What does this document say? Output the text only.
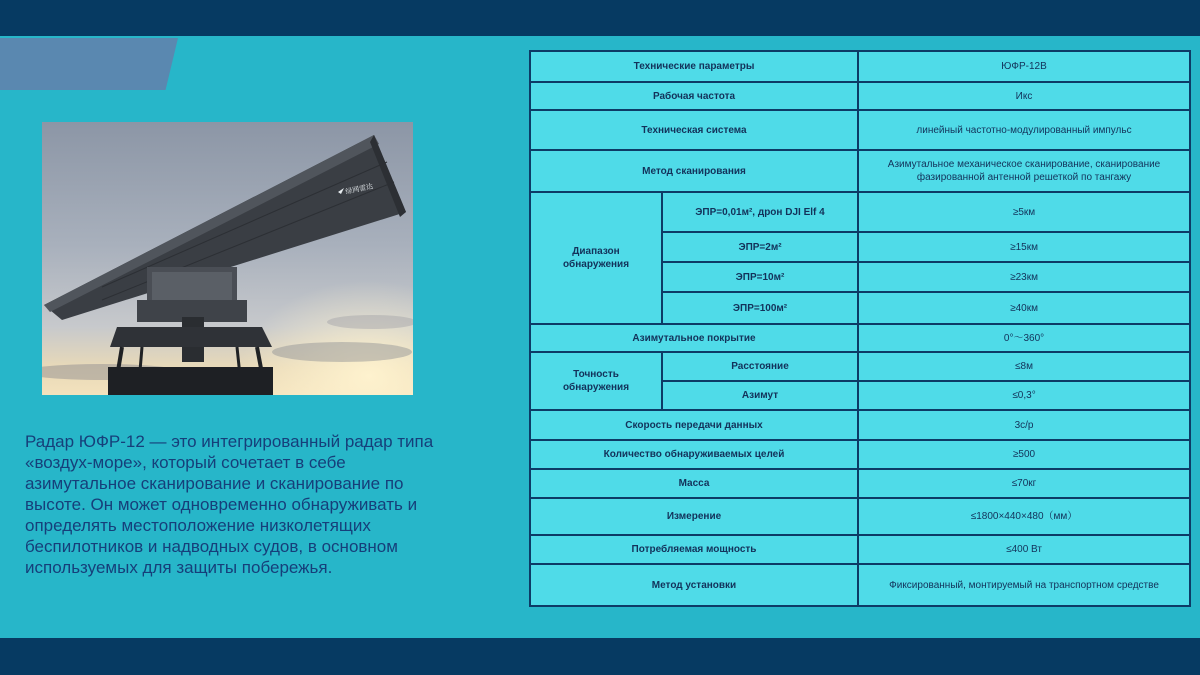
绿网雷达

Радар ЮФР-12 — это интегрированный радар типа «воздух-море», который сочетает в себе азимутальное сканирование и сканирование по высоте. Он может одновременно обнаруживать и определять местоположение низколетящих беспилотников и надводных судов, в основном используемых для защиты побережья.

Технические параметры		ЮФР-12В
Рабочая частота		Икс
Техническая система		линейный частотно-модулированный импульс
Метод сканирования		Азимутальное механическое сканирование, сканирование фазированной антенной решеткой по тангажу
Диапазон обнаружения	ЭПР=0,01м², дрон DJI Elf 4	≥5км
	ЭПР=2м²	≥15км
	ЭПР=10м²	≥23км
	ЭПР=100м²	≥40км
Азимутальное покрытие		0°～360°
Точность обнаружения	Расстояние	≤8м
	Азимут	≤0,3°
Скорость передачи данных		3с/р
Количество обнаруживаемых целей		≥500
Масса		≤70кг
Измерение		≤1800×440×480（мм）
Потребляемая мощность		≤400 Вт
Метод установки		Фиксированный, монтируемый на транспортном средстве
